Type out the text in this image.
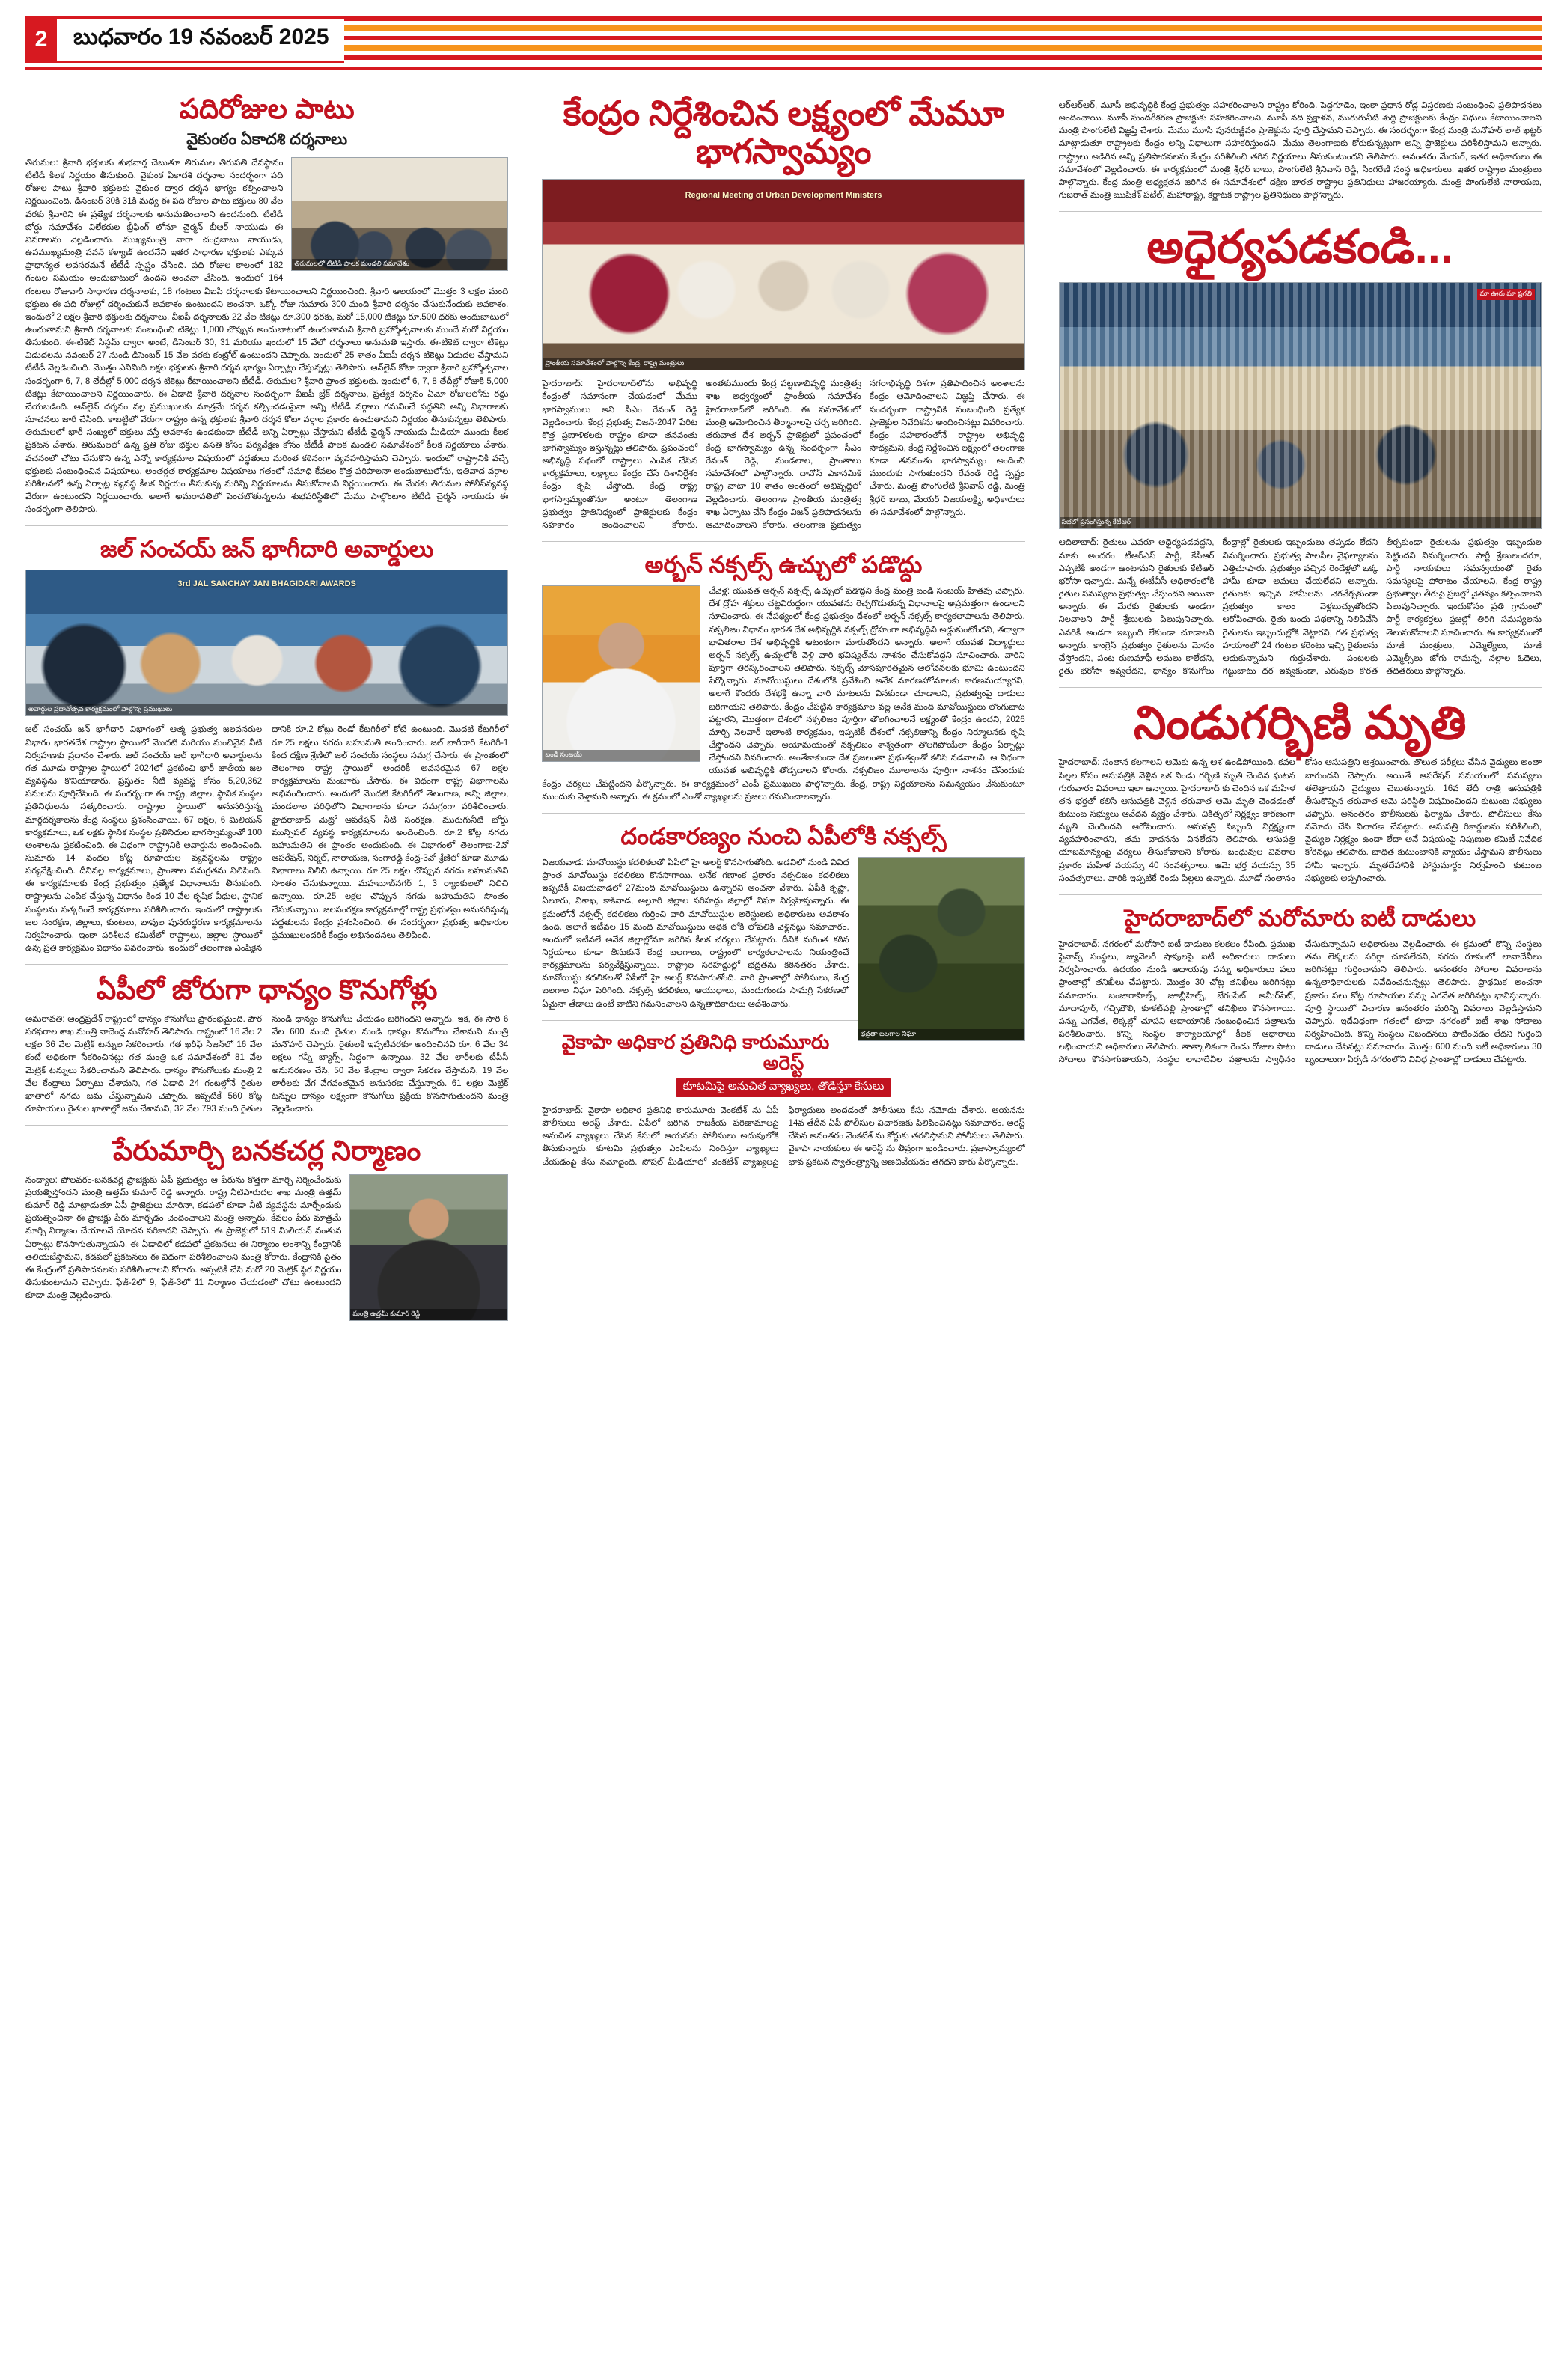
2	బుధవారం 19 నవంబర్ 2025
పదిరోజుల పాటు
వైకుంఠం ఏకాదశి దర్శనాలు
తిరుమలలో టీటీడీ పాలక మండలి సమావేశం
తిరుమల: శ్రీవారి భక్తులకు శుభవార్త చెబుతూ తిరుమల తిరుపతి దేవస్థానం టీటీడీ కీలక నిర్ణయం తీసుకుంది. వైకుంఠ ఏకాదశి దర్శనాల సందర్భంగా పది రోజుల పాటు శ్రీవారి భక్తులకు వైకుంఠ ద్వార దర్శన భాగ్యం కల్పించాలని నిర్ణయించింది. డిసెంబర్ 30కి 31కి మధ్య ఈ పది రోజుల పాటు భక్తులు 80 వేల వరకు శ్రీవారిని ఈ ప్రత్యేక దర్శనాలకు అనుమతించాలని ఉందనుంది. టీటీడీ బోర్డు సమావేశం విలేకరుల బ్రీఫింగ్ లోనూ చైర్మన్ బీఆర్ నాయుడు ఈ వివరాలను వెల్లడించారు. ముఖ్యమంత్రి నారా చంద్రబాబు నాయుడు, ఉపముఖ్యమంత్రి పవన్ కళ్యాణ్ ఉందనేని ఇతర సాధారణ భక్తులకు ఎక్కువ ప్రాధాన్యత అవసరమనే టీటీడీ స్పష్టం చేసింది. పది రోజుల కాలంలో 182 గంటల సమయం అందుబాటులో ఉందని అంచనా వేసింది. ఇందులో 164 గంటలు రోజువారీ సాధారణ దర్శనాలకు, 18 గంటలు వీఐపీ దర్శనాలకు కేటాయించాలని నిర్ణయించింది. శ్రీవారి ఆలయంలో మొత్తం 3 లక్షల మంది భక్తులు ఈ పది రోజుల్లో దర్శించుకునే అవకాశం ఉంటుందని అంచనా. ఒక్కో రోజు సుమారు 300 మంది శ్రీవారి దర్శనం చేసుకునేందుకు అవకాశం. ఇందులో 2 లక్షల శ్రీవారి భక్తులకు దర్శనాలు. వీఐపీ దర్శనాలకు 22 వేల టికెట్లు రూ.300 ధరకు, మరో 15,000 టికెట్లు రూ.500 ధరకు అందుబాటులో ఉంచుతామని శ్రీవారి దర్శనాలకు సంబంధించి టికెట్లు 1,000 చొప్పున అందుబాటులో ఉంచుతామని శ్రీవారి బ్రహ్మోత్సవాలకు ముందే మరో నిర్ణయం తీసుకుంది. ఈ-టికెట్ సిస్టమ్ ద్వారా అంటే, డిసెంబర్ 30, 31 మరియు ఇందులో 15 వేలో దర్శనాలు అనుమతి ఇస్తారు. ఈ-టికెట్ ద్వారా టికెట్లు విడుదలను నవంబర్ 27 నుండి డిసెంబర్ 15 వేల వరకు కంట్రోల్ ఉంటుందని చెప్పారు. ఇందులో 25 శాతం వీఐపీ దర్శన టికెట్లు విడుదల చేస్తామని టీటీడీ వెల్లడించింది. మొత్తం ఎనిమిది లక్షల భక్తులకు శ్రీవారి దర్శన భాగ్యం ఏర్పాట్లు చేస్తున్నట్లు తెలిపారు. ఆన్‌లైన్ కోటా ద్వారా శ్రీవారి బ్రహ్మోత్సవాల సందర్భంగా 6, 7, 8 తేదీల్లో 5,000 దర్శన టికెట్లు కేటాయించాలని టీటీడీ. తిరుమల? శ్రీవారి ప్రాంత భక్తులకు. ఇందులో 6, 7, 8 తేదీల్లో రోజుకి 5,000 టికెట్లు కేటాయించాలని నిర్ణయించారు. ఈ ఏడాది శ్రీవారి దర్శనాల సందర్భంగా వీఐపీ బ్రేక్ దర్శనాలు, ప్రత్యేక దర్శనం ఏమో రోజులలోను రద్దు చేయబడింది. ఆన్‌లైన్ దర్శనం వల్ల ప్రముఖులకు మాత్రమే దర్శన కల్పించడంపైనా అన్ని టీటీడీ వర్గాలు గమనించే పద్ధతిని అన్ని విభాగాలకు సూచనలు జారీ చేసింది. కాబట్టిలో వేరుగా రాష్ట్రం ఉన్న భక్తులకు శ్రీవారి దర్శన కోటా వర్గాల ప్రకారం ఉంచుతామని నిర్ణయం తీసుకున్నట్లు తెలిపారు. తిరుమలలో భారీ సంఖ్యలో భక్తులు వస్తే అవకాశం ఉండకుండా టీటీడీ అన్ని ఏర్పాట్లు చేస్తామని టీటీడీ ఛైర్మన్ నాయుడు మీడియా ముందు కీలక ప్రకటన చేశారు. తిరుమలలో ఉన్న ప్రతి రోజు భక్తుల వసతి కోసం పర్యవేక్షణ కోసం టీటీడీ పాలక మండలి సమావేశంలో కీలక నిర్ణయాలు చేశారు. వచనంలో చోటు చేసుకొని ఉన్న ఎన్నో కార్యక్రమాల విషయంలో పద్ధతులు మరింత కఠినంగా వ్యవహరిస్తామని చెప్పారు. ఇందులో రాష్ట్రానికి వచ్చే భక్తులకు సంబంధించిన విషయాలు, అంతర్గత కార్యక్రమాల విషయాలు గతంలో సమాధి కేవలం కొత్త పరిపాలనా అందుబాటులోను, ఇతివాద వర్గాల పరిశీలనలో ఉన్న ఏర్పాట్ల వ్యవస్థ కీలక నిర్ణయం తీసుకున్న మరిన్ని నిర్ణయాలను తీసుకోవాలని నిర్ణయించారు. ఈ మేరకు తిరుమల పోలీస్‌వ్యవస్థ వేరుగా ఉంటుందని నిర్ణయించారు. అలాగే అమరావతిలో పెంచబోతున్నలను శుభపరిస్థితిలో మేము పాల్గొంటాం టీటీడీ చైర్మన్ నాయుడు ఈ సందర్భంగా తెలిపారు.
జల్ సంచయ్ జన్ భాగీదారి అవార్డులు
3rd JAL SANCHAY JAN BHAGIDARI AWARDS
అవార్డుల ప్రదానోత్సవ కార్యక్రమంలో పాల్గొన్న ప్రముఖులు
జల్ సంచయ్ జన్ భాగీదారి విభాగంలో ఆత్మ ప్రభుత్వ జలవనరుల విభాగం భారతదేశ రాష్ట్రాల స్థాయిలో మొదటి మరియు మంచివైన నీటి నిర్వహణకు ప్రదానం చేశారు. జల్ సంచయ్ జల్ భాగీదారి అవార్డులను గత మూడు రాష్ట్రాల స్థాయిలో 2024లో ప్రకటించి భారీ జాతీయ జల వ్యవస్థను కొనియాడారు. ప్రస్తుతం నీటి వ్యవస్థ కోసం 5,20,362 పనులను పూర్తిచేసింది. ఈ సందర్భంగా ఈ రాష్ట్ర, జిల్లాల, స్థానిక సంస్థల ప్రతినిధులను సత్కరించారు. రాష్ట్రాల స్థాయిలో అనుసరిస్తున్న మార్గదర్శకాలను కేంద్ర సంస్థలు ప్రశంసించాయి. 67 లక్షల, 6 మిలియన్ కార్యక్రమాలు, ఒక లక్షకు స్థానిక సంస్థల ప్రతినిధుల భాగస్వామ్యంతో 100 అంశాలను ప్రకటించింది. ఈ విధంగా రాష్ట్రానికి అవార్డును అందించింది. సుమారు 14 వందల కోట్ల రూపాయల వ్యవస్థలను రాష్ట్రం పర్యవేక్షించింది. దీనివల్ల కార్యక్రమాలు, ప్రాంతాల సమగ్రతను నిలిపింది. ఈ కార్యక్రమాలకు కేంద్ర ప్రభుత్వం ప్రత్యేక విధానాలను తీసుకుంది. రాష్ట్రాలను ఎంపిక చేస్తున్న విధానం కింద 10 వేల కృషిక వీధుల, స్థానిక సంస్థలను సత్కరించే కార్యక్రమాలు పరిశీలించారు. ఇందులో రాష్ట్రాలకు జల సంరక్షణ, జిల్లాలు, కుంటలు, బావుల పునరుద్ధరణ కార్యక్రమాలను నిర్వహించారు. ఇంకా పరిశీలన కమిటీలో రాష్ట్రాలు, జిల్లాల స్థాయిలో ఉన్న ప్రతి కార్యక్రమం విధానం వివరించారు. ఇందులో తెలంగాణ ఎంపికైన దానికి రూ.2 కోట్లు రెండో కేటగిరీలో కోటి ఉంటుంది. మొదటి కేటగిరీలో రూ.25 లక్షలు నగదు బహుమతి అందించారు. జల్ భాగీదారి కేటగిరీ-1 కింద దక్షిణ శ్రేణిలో జల్ సంచయ్ సంస్థలు సమగ్ర చేసారు. ఈ ప్రాంతంలో తెలంగాణ రాష్ట్ర స్థాయిలో అందరికీ అవసరమైన 67 లక్షల కార్యక్రమాలను మంజూరు చేసారు. ఈ విధంగా రాష్ట్ర విభాగాలను అభినందించారు. అందులో మొదటి కేటగిరీలో తెలంగాణ, అన్ని జిల్లాల, మండలాల పరిధిలోని విభాగాలను కూడా సమగ్రంగా పరిశీలించారు. హైదరాబాద్ మెట్రో ఆపరేషన్ నీటి సంరక్షణ, మురుగునీటి బోర్డు మున్సిపల్ వ్యవస్థ కార్యక్రమాలను అందించింది. రూ.2 కోట్ల నగదు బహుమతిని ఈ ప్రాంతం అందుకుంది. ఈ విభాగంలో తెలంగాణ-2వో ఆపరేషన్, నిర్మల్, నారాయణ, సంగారెడ్డి కేంద్ర-3వో శ్రేణిలో కూడా మూడు విభాగాలు నిలిచి ఉన్నాయి. రూ.25 లక్షల చొప్పున నగదు బహుమతిని సొంతం చేసుకున్నాయి. మహబూబ్‌నగర్ 1, 3 ర్యాంకులలో నిలిచి ఉన్నాయి. రూ.25 లక్షల చొప్పున నగదు బహుమతిని సొంతం చేసుకున్నాయి. జలసంరక్షణ కార్యక్రమాల్లో రాష్ట్ర ప్రభుత్వం అనుసరిస్తున్న పద్ధతులను కేంద్రం ప్రశంసించింది. ఈ సందర్భంగా ప్రభుత్వ అధికారుల ప్రముఖులందరికీ కేంద్రం అభినందనలు తెలిపింది.
ఏపీలో జోరుగా ధాన్యం కొనుగోళ్లు
అమరావతి: ఆంధ్రప్రదేశ్ రాష్ట్రంలో ధాన్యం కొనుగోలు ప్రారంభమైంది. పౌర సరఫరాల శాఖ మంత్రి నాదెండ్ల మనోహర్ తెలిపారు. రాష్ట్రంలో 16 వేల 2 లక్షల 36 వేల మెట్రిక్ టన్నుల సేకరించారు. గత ఖరీఫ్ సీజన్‌లో 16 వేల కంటే అధికంగా సేకరించినట్లు గత మంత్రి ఒక సమావేశంలో 81 వేల మెట్రిక్ టన్నులు సేకరించామని తెలిపారు. ధాన్యం కొనుగోలుకు మంత్రి 2 వేల కేంద్రాలు ఏర్పాటు చేశామని, గత ఏడాది 24 గంటల్లోనే రైతుల ఖాతాలో నగదు జమ చేస్తున్నామని చెప్పారు. ఇప్పటికే 560 కోట్ల రూపాయలు రైతుల ఖాతాల్లో జమ చేశామని, 32 వేల 793 మంది రైతుల నుండి ధాన్యం కొనుగోలు చేయడం జరిగిందని అన్నారు. ఇక, ఈ సారి 6 వేల 600 మంది రైతుల నుండి ధాన్యం కొనుగోలు చేశామని మంత్రి మనోహర్ చెప్పారు. రైతులకి ఇప్పటివరకూ అందించినవి రూ. 6 వేల 34 లక్షలు గన్నీ బ్యాగ్స్, సిద్ధంగా ఉన్నాయి. 32 వేల లారీలకు టీపీసీ అనుసరణం చేసి, 50 వేల కేంద్రాల ద్వారా సేకరణ చేస్తామని, 19 వేల లారీలకు వేగ వేగవంతమైన అనుసరణ చేస్తున్నారు. 61 లక్షల మెట్రిక్ టన్నుల ధాన్యం లక్ష్యంగా కొనుగోలు ప్రక్రియ కొనసాగుతుందని మంత్రి వెల్లడించారు.
పేరుమార్చి బనకచర్ల నిర్మాణం
మంత్రి ఉత్తమ్ కుమార్ రెడ్డి
నంద్యాల: పోలవరం-బనకచర్ల ప్రాజెక్టుకు ఏపీ ప్రభుత్వం ఆ పేరును కొత్తగా మార్చి నిర్మించేందుకు ప్రయత్నిస్తోందని మంత్రి ఉత్తమ్ కుమార్ రెడ్డి అన్నారు. రాష్ట్ర నీటిపారుదల శాఖ మంత్రి ఉత్తమ్ కుమార్ రెడ్డి మాట్లాడుతూ ఏపీ ప్రాజెక్టులు మారినా, కడపలో కూడా నీటి వ్యవస్థను మార్చేందుకు ప్రయత్నించినా ఈ ప్రాజెక్టు పేరు మార్చడం చెందించాలని మంత్రి అన్నారు. కేవలం పేరు మాత్రమే మార్చి నిర్మాణం చేయాలనే యోచన సరికాదని చెప్పారు. ఈ ప్రాజెక్టులో 519 మిలియన్ వంతున ఏర్పాట్లు కొనసాగుతున్నాయని, ఈ ఏడాదిలో కడపలో ప్రకటనలు ఈ నిర్మాణం అంశాన్ని కేంద్రానికి తెలియజేస్తామని, కడపలో ప్రకటనలు ఈ విధంగా పరిశీలించాలని మంత్రి కోరారు. కేంద్రానికి సైతం ఈ కేంద్రంలో ప్రతిపాదనలను పరిశీలించాలని కోరారు. అప్పటికీ చేసి మరో 20 మెట్రిక్ స్థిర నిర్ణయం తీసుకుంటామని చెప్పారు. ఫేజ్-2లో 9, ఫేజ్-3లో 11 నిర్మాణం చేయడంలో చోటు ఉంటుందని కూడా మంత్రి వెల్లడించారు.
కేంద్రం నిర్దేశించిన లక్ష్యంలో మేమూ భాగస్వామ్యం
Regional Meeting of Urban Development Ministers
ప్రాంతీయ సమావేశంలో పాల్గొన్న కేంద్ర, రాష్ట్ర మంత్రులు
హైదరాబాద్: హైదరాబాద్‌లోను అభివృద్ధి కేంద్రంతో సమానంగా చేయడంలో మేము భాగస్వాములు అని సీఎం రేవంత్ రెడ్డి వెల్లడించారు. కేంద్ర ప్రభుత్వ విజన్-2047 పేరిట కొత్త ప్రణాళికలకు రాష్ట్రం కూడా తనవంతు భాగస్వామ్యం ఇస్తున్నట్లు తెలిపారు. ప్రపంచంలో అభివృద్ధి పథంలో రాష్ట్రాలు ఎంపిక చేసిన కార్యక్రమాలు, లక్ష్యాలు కేంద్రం చేసే దిశానిర్దేశం కేంద్రం కృషి చేస్తోంది. కేంద్ర రాష్ట్ర భాగస్వామ్యంతోనూ అంటూ తెలంగాణ ప్రభుత్వం ప్రాతినిధ్యంలో ప్రాజెక్టులకు కేంద్రం సహకారం అందించాలని కోరారు. అంతకుముందు కేంద్ర పట్టణాభివృద్ధి మంత్రిత్వ శాఖ అధ్వర్యంలో ప్రాంతీయ సమావేశం హైదరాబాద్‌లో జరిగింది. ఈ సమావేశంలో మంత్రి ఆమోదించిన తీర్మానాలపై చర్చ జరిగింది. తరువాత దేశ అర్బన్ ప్రాజెక్టులో ప్రపంచంలో కేంద్ర భాగస్వామ్యం ఉన్న సందర్భంగా సీఎం రేవంత్ రెడ్డి, మండలాల, ప్రాంతాలు సమావేశంలో పాల్గొన్నారు. దావోస్ ఎకానమిక్ రాష్ట్ర వాటా 10 శాతం అంతంలో అభివృద్ధిలో వెల్లడించారు. తెలంగాణ ప్రాంతీయ మంత్రిత్వ శాఖ ఏర్పాటు చేసి కేంద్రం విజన్ ప్రతిపాదనలను ఆమోదించాలని కోరారు. తెలంగాణ ప్రభుత్వం నగరాభివృద్ధి దిశగా ప్రతిపాదించిన అంశాలను కేంద్రం ఆమోదించాలని విజ్ఞప్తి చేసారు. ఈ సందర్భంగా రాష్ట్రానికి సంబంధించి ప్రత్యేక ప్రాజెక్టుల నివేదికను అందించినట్లు వివరించారు. కేంద్రం సహకారంతోనే రాష్ట్రాల అభివృద్ధి సాధ్యమని, కేంద్ర నిర్దేశించిన లక్ష్యంలో తెలంగాణ కూడా తనవంతు భాగస్వామ్యం అందించి ముందుకు సాగుతుందని రేవంత్ రెడ్డి స్పష్టం చేశారు. మంత్రి పొంగులేటి శ్రీనివాస్ రెడ్డి, మంత్రి శ్రీధర్ బాబు, మేయర్ విజయలక్ష్మి, అధికారులు ఈ సమావేశంలో పాల్గొన్నారు.
అర్బన్ నక్సల్స్ ఉచ్చులో పడొద్దు
బండి సంజయ్
చేవెళ్ల: యువత అర్బన్ నక్సల్స్ ఉచ్చులో పడొద్దని కేంద్ర మంత్రి బండి సంజయ్ హితవు చెప్పారు. దేశ ద్రోహ శక్తులు చట్టవిరుద్ధంగా యువతను రెచ్చగొడుతున్న విధానాలపై అప్రమత్తంగా ఉండాలని సూచించారు. ఈ నేపథ్యంలో కేంద్ర ప్రభుత్వం దేశంలో అర్బన్ నక్సల్స్ కార్యకలాపాలను తెలిపారు. నక్సలిజం విధానం భారత దేశ అభివృద్ధికి నక్సల్స్ ద్రోహంగా అభివృద్ధిని అడ్డుకుంటోందని, తద్వారా భావితరాల దేశ అభివృద్ధికి ఆటంకంగా మారుతోందని అన్నారు. అలాగే యువత విద్యార్థులు అర్బన్ నక్సల్స్ ఉచ్చులోకి వెళ్లి వారి భవిష్యత్‌ను నాశనం చేసుకోవద్దని సూచించారు. వారిని పూర్తిగా తిరస్కరించాలని తెలిపారు. నక్సల్స్ మోసపూరితమైన ఆలోచనలకు భూమి ఉంటుందని పేర్కొన్నారు. మావోయిస్టులు దేశంలోకి ప్రవేశించి అనేక మారణహోమాలకు కారణమయ్యారని, అలాగే కొందరు దేశభక్తి ఉన్నా వారి మాటలను వినకుండా చూడాలని, ప్రభుత్వంపై దాడులు జరిగాయని తెలిపారు. కేంద్రం చేపట్టిన కార్యక్రమాల వల్ల అనేక మంది మావోయిస్టులు లొంగుబాట పట్టారని, మొత్తంగా దేశంలో నక్సలిజం పూర్తిగా తొలగించాలనే లక్ష్యంతో కేంద్రం ఉందని, 2026 మార్చి నెలవారీ ఇలాంటి కార్యక్రమం, ఇప్పటికీ దేశంలో నక్సలిజాన్ని కేంద్రం నిర్మూలనకు కృషి చేస్తోందని చెప్పారు. అయోమయంతో నక్సలిజం శాశ్వతంగా తొలగిపోయేలా కేంద్రం ఏర్పాట్లు చేస్తోందని వివరించారు. అంతేకాకుండా దేశ ప్రజలంతా ప్రభుత్వంతో కలిసి నడవాలని, ఆ విధంగా యువత అభివృద్ధికి తోడ్పడాలని కోరారు. నక్సలిజం మూలాలను పూర్తిగా నాశనం చేసేందుకు కేంద్రం చర్యలు చేపట్టిందని పేర్కొన్నారు. ఈ కార్యక్రమంలో ఎంపీ ప్రముఖులు పాల్గొన్నారు. కేంద్ర, రాష్ట్ర నిర్ణయాలను సమన్వయం చేసుకుంటూ ముందుకు వెళ్తామని అన్నారు. ఈ క్రమంలో ఎంతో వ్యాఖ్యలను ప్రజలు గమనించాలన్నారు.
దండకారణ్యం నుంచి ఏపీలోకి నక్సల్స్
భద్రతా బలగాల నిఘా
విజయవాడ: మావోయిస్టు కదలికలతో ఏపీలో హై అలర్ట్ కొనసాగుతోంది. అడవిలో నుండి వివిధ ప్రాంత మావోయిస్టు కదలికలు కొనసాగాయి. అనేక గణాంక ప్రకారం నక్సలిజం కదలికలు ఇప్పటికీ విజయవాడలో 27మంది మావోయిస్టులు ఉన్నారని అంచనా వేశారు. ఏపీకి కృష్ణా, ఏలూరు, విశాఖ, కాకినాడ, అల్లూరి జిల్లాల సరిహద్దు జిల్లాల్లో నిఘా నిర్వహిస్తున్నారు. ఈ క్రమంలోనే నక్సల్స్ కదలికలు గుర్తించి వారి మావోయిస్టుల అరెస్టులకు అధికారులు అవకాశం ఉంది. అలాగే ఇటీవల 15 మంది మావోయిస్టులు అధిక లోకి లోపలికి వెళ్లినట్లు సమాచారం. అందులో ఇటీవలే అనేక జిల్లాల్లోనూ జరిగిన కీలక చర్యలు చేపట్టారు. దీనికి మరింత కఠిన నిర్ణయాలు కూడా తీసుకునే కేంద్ర బలగాలు, రాష్ట్రంలో కార్యకలాపాలను నియంత్రించే కార్యక్రమాలను పర్యవేక్షిస్తున్నాయి. రాష్ట్రాల సరిహద్దుల్లో భద్రతను కఠినతరం చేశారు. మావోయిస్టు కదలికలతో ఏపీలో హై అలర్ట్ కొనసాగుతోంది. వారి ప్రాంతాల్లో పోలీసులు, కేంద్ర బలగాల నిఘా పెరిగింది. నక్సల్స్ కదలికలు, ఆయుధాలు, మందుగుండు సామగ్రి సేకరణలో ఏమైనా తేడాలు ఉంటే వాటిని గమనించాలని ఉన్నతాధికారులు ఆదేశించారు.
వైకాపా అధికార ప్రతినిధి కారుమూరు అరెస్ట్
కూటమిపై అనుచిత వ్యాఖ్యలు, తొడిస్తూ కేసులు
హైదరాబాద్: వైకాపా అధికార ప్రతినిధి కారుమూరు వెంకటేశ్ ను ఏపీ పోలీసులు అరెస్ట్ చేశారు. ఏపీలో జరిగిన రాజకీయ పరిణామాలపై అనుచిత వ్యాఖ్యలు చేసిన కేసులో ఆయనను పోలీసులు అదుపులోకి తీసుకున్నారు. కూటమి ప్రభుత్వం ఎంపీలను నిందిస్తూ వ్యాఖ్యలు చేయడంపై కేసు నమోదైంది. సోషల్ మీడియాలో వెంకటేశ్ వ్యాఖ్యలపై ఫిర్యాదులు అందడంతో పోలీసులు కేసు నమోదు చేశారు. ఆయనను 14వ తేదీన ఏపీ పోలీసుల విచారణకు పిలిపించినట్లు సమాచారం. అరెస్ట్ చేసిన అనంతరం వెంకటేశ్ ను కోర్టుకు తరలిస్తామని పోలీసులు తెలిపారు. వైకాపా నాయకులు ఈ అరెస్ట్ ను తీవ్రంగా ఖండించారు. ప్రజాస్వామ్యంలో భావ ప్రకటన స్వాతంత్ర్యాన్ని అణచివేయడం తగదని వారు పేర్కొన్నారు.
ఆర్‌ఆర్‌ఆర్, మూసీ అభివృద్ధికి కేంద్ర ప్రభుత్వం సహకరించాలని రాష్ట్రం కోరింది. పెద్దగూడెం, ఇంకా ప్రధాన రోడ్ల విస్తరణకు సంబంధించి ప్రతిపాదనలు అందించాయి. మూసీ సుందరీకరణ ప్రాజెక్టుకు సహకరించాలని, మూసీ నది ప్రక్షాళన, మురుగునీటి శుద్ధి ప్రాజెక్టులకు కేంద్రం నిధులు కేటాయించాలని మంత్రి పొంగులేటి విజ్ఞప్తి చేశారు. మేము మూసీ పునరుజ్జీవం ప్రాజెక్టును పూర్తి చేస్తామని చెప్పారు. ఈ సందర్భంగా కేంద్ర మంత్రి మనోహర్ లాల్ ఖట్టర్ మాట్లాడుతూ రాష్ట్రాలకు కేంద్రం అన్ని విధాలుగా సహకరిస్తుందని, మేము తెలంగాణకు కోరుకున్నట్లుగా అన్ని ప్రాజెక్టులు పరిశీలిస్తామని అన్నారు. రాష్ట్రాలు అడిగిన అన్ని ప్రతిపాదనలను కేంద్రం పరిశీలించి తగిన నిర్ణయాలు తీసుకుంటుందని తెలిపారు. అనంతరం మేయర్, ఇతర అధికారులు ఈ సమావేశంలో వెల్లడించారు. ఈ కార్యక్రమంలో మంత్రి శ్రీధర్ బాబు, పొంగులేటి శ్రీనివాస్ రెడ్డి, సింగరేణి సంస్థ అధికారులు, ఇతర రాష్ట్రాల మంత్రులు పాల్గొన్నారు. కేంద్ర మంత్రి అధ్యక్షతన జరిగిన ఈ సమావేశంలో దక్షిణ భారత రాష్ట్రాల ప్రతినిధులు హాజరయ్యారు. మంత్రి పొంగులేటి నారాయణ, గుజరాత్ మంత్రి ఋషికేశ్ పటేల్, మహారాష్ట్ర, కర్ణాటక రాష్ట్రాల ప్రతినిధులు పాల్గొన్నారు.
అధైర్యపడకండి...
మా ఊరు మా ప్రగతి
సభలో ప్రసంగిస్తున్న కేటీఆర్
ఆదిలాబాద్: రైతులు ఎవరూ అధైర్యపడవద్దని, మాకు అందరం టీఆర్ఎస్ పార్టీ, కేసీఆర్ ఎప్పటికీ అండగా ఉంటామని రైతులకు కేటీఆర్ భరోసా ఇచ్చారు. మన్నే ఈటీవీసీ అధికారంలోకి రైతుల సమస్యలు ప్రభుత్వం చేస్తుందని అయినా అన్నారు. ఈ మేరకు రైతులకు అండగా నిలవాలని పార్టీ శ్రేణులకు పిలుపునిచ్చారు. ఎవరికీ అండగా ఇబ్బంది లేకుండా చూడాలని అన్నారు. కాంగ్రెస్ ప్రభుత్వం రైతులను మోసం చేస్తోందని, పంట రుణమాఫీ అమలు కాలేదని, రైతు భరోసా ఇవ్వలేదని, ధాన్యం కొనుగోలు కేంద్రాల్లో రైతులకు ఇబ్బందులు తప్పడం లేదని విమర్శించారు. ప్రభుత్వ పాలసీల వైఫల్యాలను ఎత్తిచూపారు. ప్రభుత్వం వచ్చిన రెండేళ్లలో ఒక్క హామీ కూడా అమలు చేయలేదని అన్నారు. రైతులకు ఇచ్చిన హామీలను నెరవేర్చకుండా ప్రభుత్వం కాలం వెళ్లబుచ్చుతోందని ఆరోపించారు. రైతు బంధు పథకాన్ని నిలిపివేసి రైతులను ఇబ్బందుల్లోకి నెట్టారని, గత ప్రభుత్వ హయాంలో 24 గంటల కరెంటు ఇచ్చి రైతులను ఆదుకున్నామని గుర్తుచేశారు. పంటలకు గిట్టుబాటు ధర ఇవ్వకుండా, ఎరువుల కొరత తీర్చకుండా రైతులను ప్రభుత్వం ఇబ్బందుల పెట్టిందని విమర్శించారు. పార్టీ శ్రేణులందరూ, పార్టీ నాయకులు సమన్వయంతో రైతు సమస్యలపై పోరాటం చేయాలని, కేంద్ర రాష్ట్ర ప్రభుత్వాల తీరుపై ప్రజల్లో చైతన్యం కల్పించాలని పిలుపునిచ్చారు. ఇందుకోసం ప్రతి గ్రామంలో పార్టీ కార్యకర్తలు ప్రజల్లో తిరిగి సమస్యలను తెలుసుకోవాలని సూచించారు. ఈ కార్యక్రమంలో మాజీ మంత్రులు, ఎమ్మెల్యేలు, మాజీ ఎమ్మెల్సీలు జోగు రామన్న, నల్లాల ఓదెలు, తదితరులు పాల్గొన్నారు.
నిండుగర్భిణి మృతి
హైదరాబాద్: సంతాన కలగాలని ఆమెకు ఉన్న ఆశ ఉండిపోయింది. కవల పిల్లల కోసం ఆసుపత్రికి వెళ్లిన ఒక నిండు గర్భిణి మృతి చెందిన ఘటన గురువారం వివరాలు ఇలా ఉన్నాయి. హైదరాబాద్ కు చెందిన ఒక మహిళ తన భర్తతో కలిసి ఆసుపత్రికి వెళ్లిన తరువాత ఆమె మృతి చెందడంతో కుటుంబ సభ్యులు ఆవేదన వ్యక్తం చేశారు. చికిత్సలో నిర్లక్ష్యం కారణంగా మృతి చెందిందని ఆరోపించారు. ఆసుపత్రి సిబ్బంది నిర్లక్ష్యంగా వ్యవహరించారని, తమ వాదనను వినలేదని తెలిపారు. ఆసుపత్రి యాజమాన్యంపై చర్యలు తీసుకోవాలని కోరారు. బంధువుల వివరాల ప్రకారం మహిళ వయస్సు 40 సంవత్సరాలు. ఆమె భర్త వయస్సు 35 సంవత్సరాలు. వారికి ఇప్పటికే రెండు పిల్లలు ఉన్నారు. మూడో సంతానం కోసం ఆసుపత్రిని ఆశ్రయించారు. తొలుత పరీక్షలు చేసిన వైద్యులు అంతా బాగుందని చెప్పారు. అయితే ఆపరేషన్ సమయంలో సమస్యలు తలెత్తాయని వైద్యులు చెబుతున్నారు. 16వ తేదీ రాత్రి ఆసుపత్రికి తీసుకొచ్చిన తరువాత ఆమె పరిస్థితి విషమించిందని కుటుంబ సభ్యులు చెప్పారు. అనంతరం పోలీసులకు ఫిర్యాదు చేశారు. పోలీసులు కేసు నమోదు చేసి విచారణ చేపట్టారు. ఆసుపత్రి రికార్డులను పరిశీలించి, వైద్యుల నిర్లక్ష్యం ఉందా లేదా అనే విషయంపై నిపుణుల కమిటీ నివేదిక కోరినట్లు తెలిపారు. బాధిత కుటుంబానికి న్యాయం చేస్తామని పోలీసులు హామీ ఇచ్చారు. మృతదేహానికి పోస్టుమార్టం నిర్వహించి కుటుంబ సభ్యులకు అప్పగించారు.
హైదరాబాద్‌లో మరోమారు ఐటీ దాడులు
హైదరాబాద్: నగరంలో మరోసారి ఐటీ దాడులు కలకలం రేపింది. ప్రముఖ ఫైనాన్స్ సంస్థలు, జ్యువెలరీ షాపులపై ఐటీ అధికారులు దాడులు నిర్వహించారు. ఉదయం నుండి ఆదాయపు పన్ను అధికారులు పలు ప్రాంతాల్లో తనిఖీలు చేపట్టారు. మొత్తం 30 చోట్ల తనిఖీలు జరిగినట్లు సమాచారం. బంజారాహిల్స్, జూబ్లీహిల్స్, బేగంపేట్, అమీర్‌పేట్, మాదాపూర్, గచ్చిబౌలి, కూకట్‌పల్లి ప్రాంతాల్లో తనిఖీలు కొనసాగాయి. పన్ను ఎగవేత, లెక్కల్లో చూపని ఆదాయానికి సంబంధించిన పత్రాలను పరిశీలించారు. కొన్ని సంస్థల కార్యాలయాల్లో కీలక ఆధారాలు లభించాయని అధికారులు తెలిపారు. తాత్కాలికంగా రెండు రోజుల పాటు సోదాలు కొనసాగుతాయని, సంస్థల లావాదేవీల పత్రాలను స్వాధీనం చేసుకున్నామని అధికారులు వెల్లడించారు. ఈ క్రమంలో కొన్ని సంస్థలు తమ లెక్కలను సరిగ్గా చూపలేదని, నగదు రూపంలో లావాదేవీలు జరిగినట్లు గుర్తించామని తెలిపారు. అనంతరం సోదాల వివరాలను ఉన్నతాధికారులకు నివేదించనున్నట్లు తెలిపారు. ప్రాథమిక అంచనా ప్రకారం పలు కోట్ల రూపాయల పన్ను ఎగవేత జరిగినట్లు భావిస్తున్నారు. పూర్తి స్థాయిలో విచారణ అనంతరం మరిన్ని వివరాలు వెల్లడిస్తామని చెప్పారు. ఇదేవిధంగా గతంలో కూడా నగరంలో ఐటీ శాఖ సోదాలు నిర్వహించింది. కొన్ని సంస్థలు నిబంధనలు పాటించడం లేదని గుర్తించి దాడులు చేసినట్లు సమాచారం. మొత్తం 600 మంది ఐటీ అధికారులు 30 బృందాలుగా ఏర్పడి నగరంలోని వివిధ ప్రాంతాల్లో దాడులు చేపట్టారు.
